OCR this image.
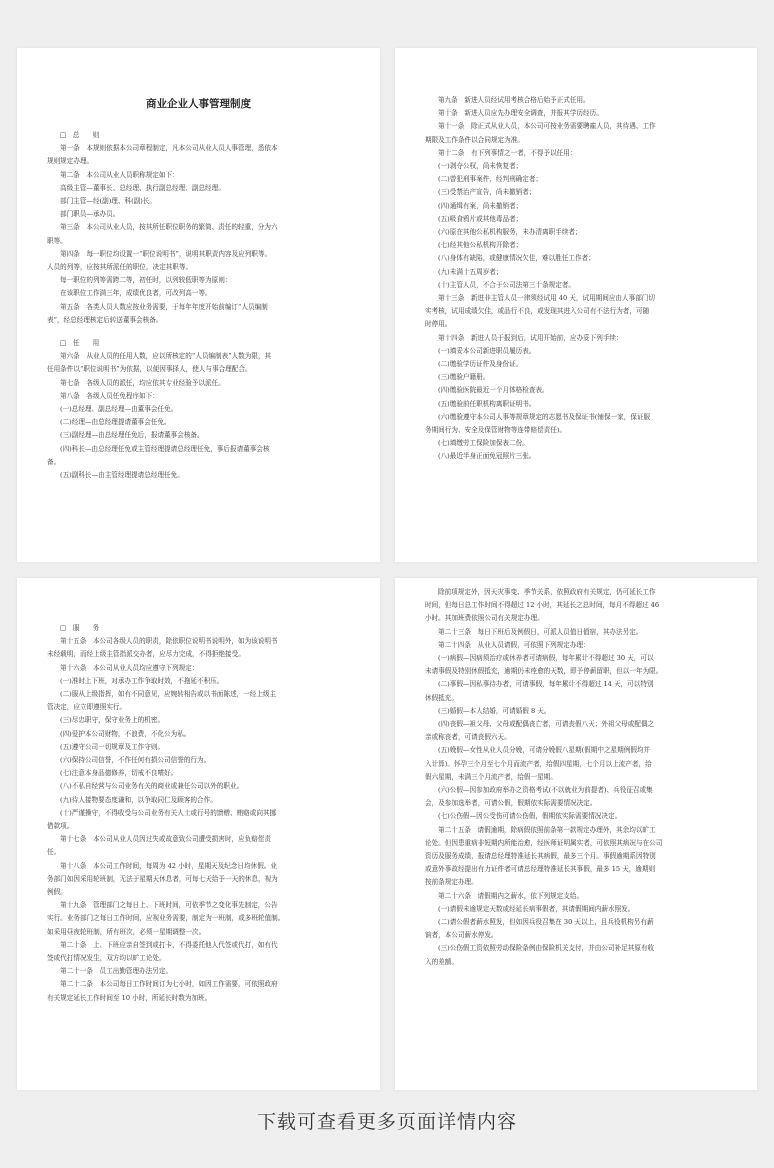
商业企业人事管理制度

□　总　　则

第一条　本规则依据本公司章程制定，凡本公司从业人员人事管理，悉依本

规则规定办理。

第二条　本公司从业人员职称规定如下：

高级主管—董事长、总经理、执行副总经理、副总经理。

部门主管—经(副)理、科(副)长。

部门职员—承办员。

第三条　本公司从业人员，按其所任职位职务的繁简、责任的轻重，分为六

职等。

第四条　每一职位均设置一“职位说明书”，说明其职责内容及应列职等。

人员的列等，应按其所派任的职位，决定其职等。

每一职位的列等需跨二等，初任时，以列较低职等为原则：

在该职位工作满三年，成绩优良者，可改列高一等。

第五条　各类人员人数应按业务需要，于每年年度开始前编订“人员编制

表”，经总经理核定后转送董事会核备。

□　任　　用

第六条　从业人员的任用人数，应以所核定的“人员编制表”人数为限，其

任用条件以“职位说明书”为依据，以便因事择人，使人与事合理配合。

第七条　各级人员的派任，均应依其专业经验予以派任。

第八条　各级人员任免程序如下：

(一)总经理、副总经理—由董事会任免。

(二)经理—由总经理提请董事会任免。

(三)副经理—由总经理任免后，报请董事会核备。

(四)科长—由总经理任免或主管经理提请总经理任免，事后报请董事会核

备。

(五)副科长—由主管经理提请总经理任免。

第九条　新进人员经试用考核合格后始予正式任用。

第十条　新进人员应先办理安全调查，并报其学历经历。

第十一条　除正式从业人员，本公司可按业务需要聘雇人员，其待遇、工作

期限及工作条件以合同规定为准。

第十二条　有下列事情之一者，不得予以任用：

(一)剥夺公权，尚未恢复者；

(二)曾犯刑事案件，经判刑确定者；

(三)受禁治产宣告，尚未撤销者；

(四)通缉有案，尚未撤销者；

(五)吸食鸦片或其他毒品者；

(六)原在其他公私机构服务，未办清离职手续者；

(七)经其他公私机构开除者；

(八)身体有缺陷，或健康情况欠佳，难以胜任工作者；

(九)未满十五周岁者；

(十)主管人员，不合于公司法第三十条规定者。

第十三条　新进非主管人员一律须经试用 40 天，试用期间应由人事部门切

实考核，试用成绩欠佳，或品行不良，或发现其进入公司有不法行为者，可随

时停用。

第十四条　新进人员于报到后，试用开始前，应办妥下列手续：

(一)填妥本公司新进职员履历表。

(二)缴验学历证件及身份证。

(三)缴验户籍册。

(四)缴验医院最近一个月体格检查表。

(五)缴验前任职机构离职证明书。

(六)缴验遵守本公司人事等规章规定的志愿书及保证书(铺保一家，保证服

务期间行为、安全及保管财物等连带赔偿责任)。

(七)填缴劳工保险加保表二份。

(八)最近半身正面免冠照片三张。

□　服　　务

第十五条　本公司各级人员的职责，除依职位说明书说明外，如为该说明书

未经载明，而经上级主管指派交办者，应尽力完成，不得拒绝接受。

第十六条　本公司从业人员均应遵守下列规定：

(一)准时上下班，对承办工作争取时效，不拖延不积压。

(二)服从上级指挥，如有不同意见，应婉转相告或以书面陈述，一经上级主

管决定，应立即遵照实行。

(三)尽忠职守，保守业务上的机密。

(四)爱护本公司财物，不浪费，不化公为私。

(五)遵守公司一切规章及工作守则。

(六)保持公司信誉，不作任何有损公司信誉的行为。

(七)注意本身品德修养，切戒不良嗜好。

(八)不私自经营与公司业务有关的商业或兼任公司以外的职业。

(九)待人接物要态度谦和，以争取同仁及顾客的合作。

(十)严谨操守，不得收受与公司业务有关人士或行号的馈赠、贿赂或向其挪

借款项。

第十七条　本公司从业人员因过失或故意致公司遭受损害时，应负赔偿责

任。

第十八条　本公司工作时间，每周为 42 小时，星期天及纪念日均休假。业

务部门如因采用轮班制，无法于星期天休息者，可每七天给予一天的休息，视为

例假。

第十九条　管理部门之每日上、下班时间，可依季节之变化事先制定，公告

实行。业务部门之每日工作时间，应视业务需要，制定为一班制，或多班轮值制。

如采用昼夜轮班制，所有班次，必须一星期调整一次。

第二十条　上、下班应亲自签到或打卡，不得委托他人代签或代打，如有代

签或代打情况发生，双方均以旷工论处。

第二十一条　员工出勤管理办法另定。

第二十二条　本公司每日工作时间订为七小时，如因工作需要，可依照政府

有关规定延长工作时间至 10 小时，所延长时数为加班。

除前项规定外，因天灾事变、季节关系，依照政府有关规定，仍可延长工作

时间，但每日总工作时间不得超过 12 小时，其延长之总时间，每月不得超过 46

小时。其加班费依照公司有关规定办理。

第二十三条　每日下班后及例假日，可派人员值日值宿，其办法另定。

第二十四条　从业人员请假，可依照下列规定办理：

(一)病假—因病须治疗或休养者可请病假，每年累计不得超过 30 天，可以

未请事假及特别休假抵充，逾期仍未痊愈的天数，即予停薪留职，但以一年为限。

(二)事假—因私事待办者，可请事假，每年累计不得超过 14 天，可以特别

休假抵充。

(三)婚假—本人结婚，可请婚假 8 天。

(四)丧假—祖父母、父母或配偶丧亡者，可请丧假八天；外祖父母或配偶之

亲或称丧者，可请丧假六天。

(五)娩假—女性从业人员分娩，可请分娩假八星期(假期中之星期例假均并

入计算)。怀孕三个月至七个月而流产者，给假四星期，七个月以上流产者，给

假六星期，未满三个月流产者，给假一星期。

(六)公假—因参加政府举办之资格考试(不以就业为前提者)、兵役征召或集

会，及参加选举者，可请公假，假期依实际需要情况决定。

(七)公伤假—因公受伤可请公伤假，假期依实际需要情况决定。

第二十五条　请假逾期，除病假依照前条第一款规定办理外，其余均以旷工

论处。但因患重病非短期内所能治愈，经医师证明属实者，可依照其病况与在公司

资历及服务成绩，报请总经理特准延长其病假，最多三个月。事假逾期系因特别

或意外事故经提出有力证件者可请总经理特准延长其事假，最多 15 天，逾期则

按前条规定办理。

第二十六条　请假期内之薪水，依下列规定支给。

(一)请假未逾规定天数或经延长病事假者，其请假期间内薪水照发。

(二)请公假者薪水照发，但如因兵役召集在 30 天以上，且兵役机构另有薪

饷者，本公司薪水停发。

(三)公伤假工资依照劳动保险条例由保险机关支付，并由公司补足其原有收

入的差额。

下载可查看更多页面详情内容
